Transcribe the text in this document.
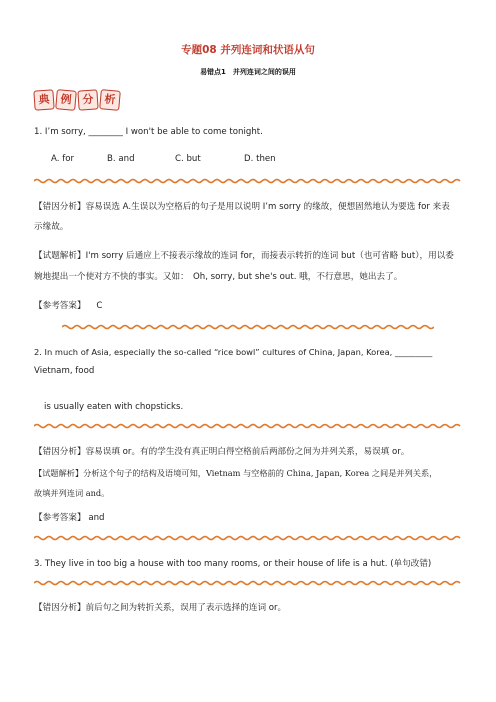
专题08 并列连词和状语从句
易错点1　并列连词之间的误用
典 例 分 析
1. I’m sorry, ________ I won't be able to come tonight.
A. for	B. and	C. but	D. then
【错因分析】容易误选 A.生误以为空格后的句子是用以说明 I’m sorry 的缘故，便想固然地认为要选 for 来表
示缘故。
【试题解析】I'm sorry 后通应上不接表示缘故的连词 for，而接表示转折的连词 but（也可省略 but），用以委
婉地提出一个使对方不快的事实。又如：　Oh, sorry, but she's out. 哦，不行意思，她出去了。
【参考答案】 C
2. In much of Asia, especially the so-called “rice bowl” cultures of China, Japan, Korea, _________
Vietnam, food
is usually eaten with chopsticks.
【错因分析】容易误填 or。有的学生没有真正明白得空格前后两部份之间为并列关系，易误填 or。
【试题解析】分析这个句子的结构及语境可知，Vietnam 与空格前的 China, Japan, Korea 之间是并列关系，
故填并列连词 and。
【参考答案】 and
3. They live in too big a house with too many rooms, or their house of life is a hut. (单句改错)
【错因分析】前后句之间为转折关系，误用了表示选择的连词 or。
